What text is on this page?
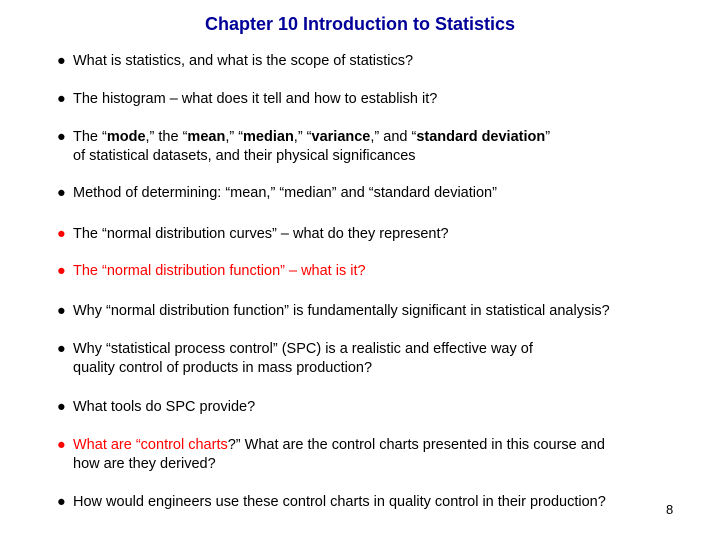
Chapter 10 Introduction to Statistics
● What is statistics, and what is the scope of statistics?
● The histogram – what does it tell and how to establish it?
● The “mode,” the “mean,” “median,” “variance,” and “standard deviation”
of statistical datasets, and their physical significances
● Method of determining: “mean,” “median” and “standard deviation”
● The “normal distribution curves” – what do they represent?
● The “normal distribution function” – what is it?
● Why “normal distribution function” is fundamentally significant in statistical analysis?
● Why “statistical process control” (SPC) is a realistic and effective way of
quality control of products in mass production?
● What tools do SPC provide?
● What are “control charts?” What are the control charts presented in this course and
how are they derived?
● How would engineers use these control charts in quality control in their production?	8
